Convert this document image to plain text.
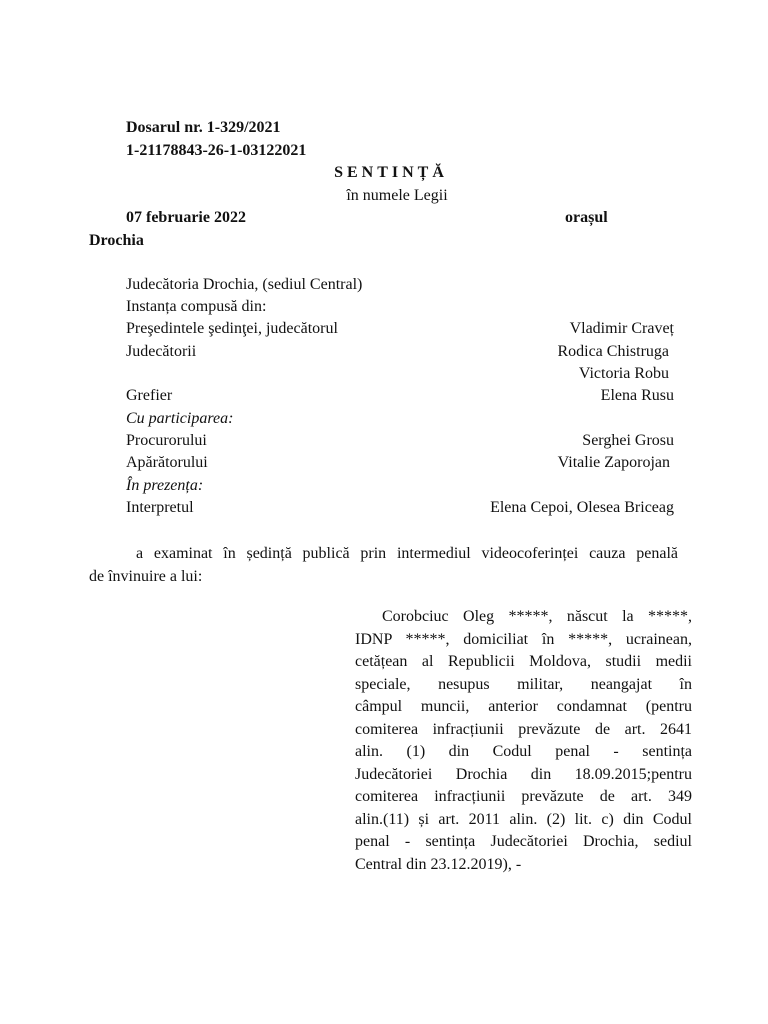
Dosarul nr. 1-329/2021
1-21178843-26-1-03122021
SENTINȚĂ
în numele Legii
07 februarie 2022	orașul
Drochia
Judecătoria Drochia, (sediul Central)
Instanța compusă din:
Preşedintele şedinţei, judecătorul	Vladimir Craveț
Judecătorii	Rodica Chistruga
Victoria Robu
Grefier	Elena Rusu
Cu participarea:
Procurorului	Serghei Grosu
Apărătorului	Vitalie Zaporojan
În prezența:
Interpretul	Elena Cepoi, Olesea Briceag
a examinat în ședință publică prin intermediul videocoferinței cauza penală
de învinuire a lui:
Corobciuc Oleg *****, născut la *****,
IDNP *****, domiciliat în *****, ucrainean,
cetățean al Republicii Moldova, studii medii
speciale, nesupus militar, neangajat în
câmpul muncii, anterior condamnat (pentru
comiterea infracțiunii prevăzute de art. 2641
alin. (1) din Codul penal - sentința
Judecătoriei Drochia din 18.09.2015;pentru
comiterea infracțiunii prevăzute de art. 349
alin.(11) și art. 2011 alin. (2) lit. c) din Codul
penal - sentința Judecătoriei Drochia, sediul
Central din 23.12.2019), -
